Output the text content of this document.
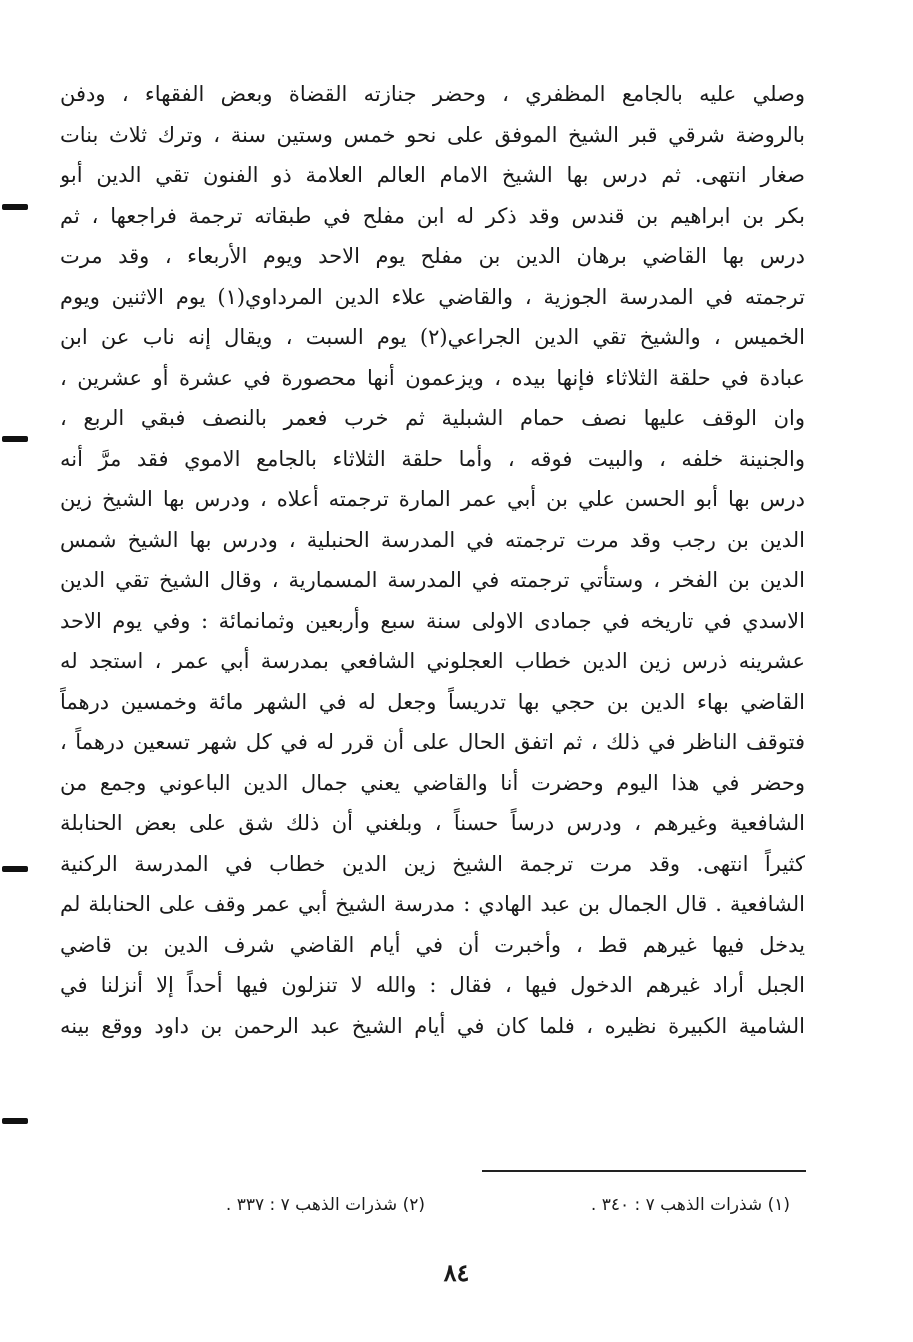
وصلي عليه بالجامع المظفري ، وحضر جنازته القضاة وبعض الفقهاء ، ودفن
بالروضة شرقي قبر الشيخ الموفق على نحو خمس وستين سنة ، وترك ثلاث بنات
صغار انتهى. ثم درس بها الشيخ الامام العالم العلامة ذو الفنون تقي الدين أبو
بكر بن ابراهيم بن قندس وقد ذكر له ابن مفلح في طبقاته ترجمة فراجعها ، ثم
درس بها القاضي برهان الدين بن مفلح يوم الاحد ويوم الأربعاء ، وقد مرت
ترجمته في المدرسة الجوزية ، والقاضي علاء الدين المرداوي(١) يوم الاثنين ويوم
الخميس ، والشيخ تقي الدين الجراعي(٢) يوم السبت ، ويقال إنه ناب عن ابن
عبادة في حلقة الثلاثاء فإنها بيده ، ويزعمون أنها محصورة في عشرة أو عشرين ،
وان الوقف عليها نصف حمام الشبلية ثم خرب فعمر بالنصف فبقي الربع ،
والجنينة خلفه ، والبيت فوقه ، وأما حلقة الثلاثاء بالجامع الاموي فقد مرَّ أنه
درس بها أبو الحسن علي بن أبي عمر المارة ترجمته أعلاه ، ودرس بها الشيخ زين
الدين بن رجب وقد مرت ترجمته في المدرسة الحنبلية ، ودرس بها الشيخ شمس
الدين بن الفخر ، وستأتي ترجمته في المدرسة المسمارية ، وقال الشيخ تقي الدين
الاسدي في تاريخه في جمادى الاولى سنة سبع وأربعين وثمانمائة : وفي يوم الاحد
عشرينه ذرس زين الدين خطاب العجلوني الشافعي بمدرسة أبي عمر ، استجد له
القاضي بهاء الدين بن حجي بها تدريساً وجعل له في الشهر مائة وخمسين درهماً
فتوقف الناظر في ذلك ، ثم اتفق الحال على أن قرر له في كل شهر تسعين درهماً ،
وحضر في هذا اليوم وحضرت أنا والقاضي يعني جمال الدين الباعوني وجمع من
الشافعية وغيرهم ، ودرس درساً حسناً ، وبلغني أن ذلك شق على بعض الحنابلة
كثيراً انتهى. وقد مرت ترجمة الشيخ زين الدين خطاب في المدرسة الركنية
الشافعية . قال الجمال بن عبد الهادي : مدرسة الشيخ أبي عمر وقف على الحنابلة لم
يدخل فيها غيرهم قط ، وأخبرت أن في أيام القاضي شرف الدين بن قاضي
الجبل أراد غيرهم الدخول فيها ، فقال : والله لا تنزلون فيها أحداً إلا أنزلنا في
الشامية الكبيرة نظيره ، فلما كان في أيام الشيخ عبد الرحمن بن داود ووقع بينه
(١) شذرات الذهب ٧ : ٣٤٠ .
(٢) شذرات الذهب ٧ : ٣٣٧ .
٨٤
